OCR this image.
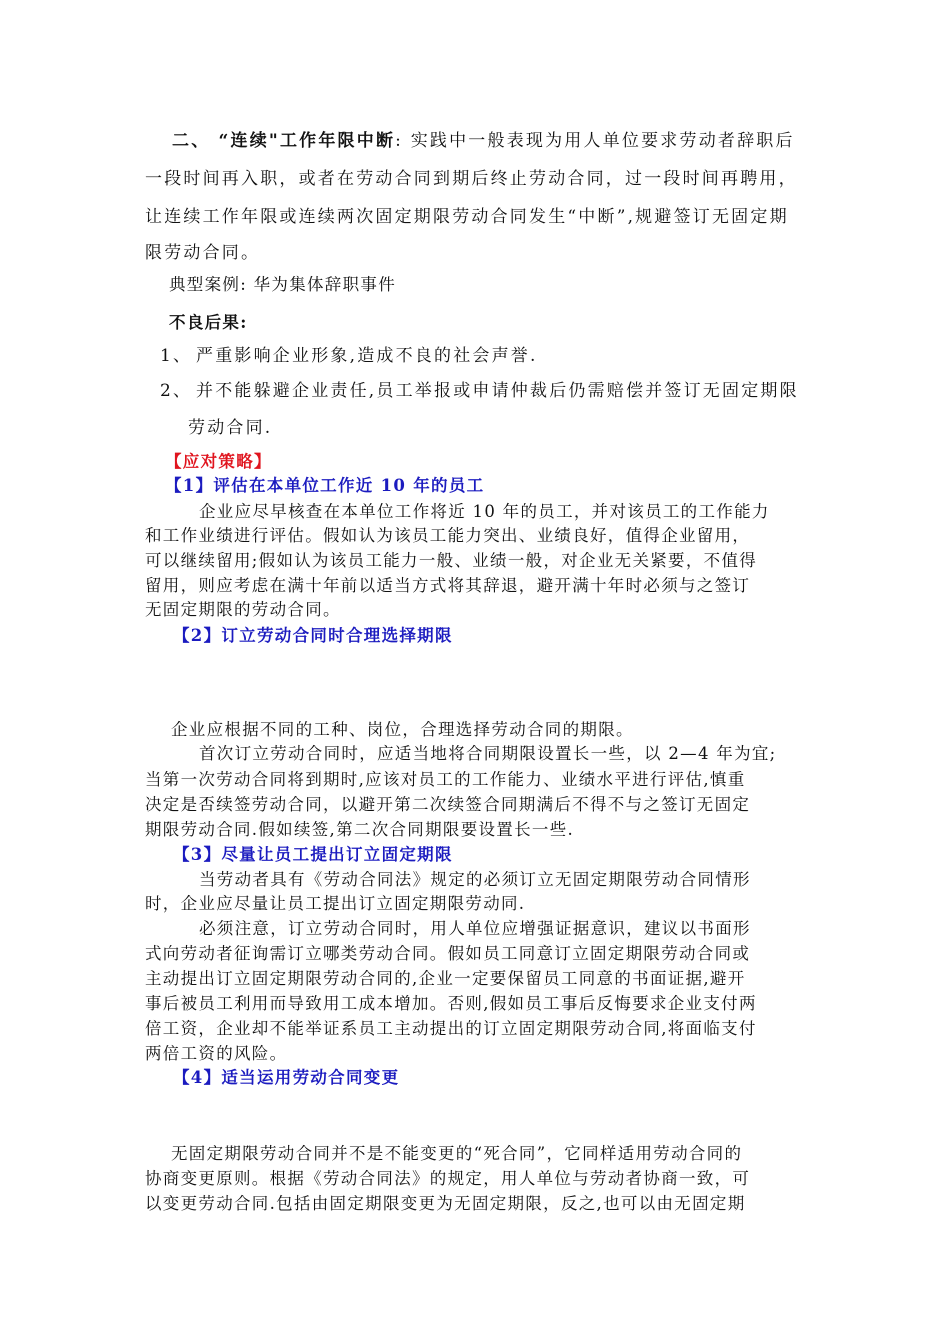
二、 “连续"工作年限中断: 实践中一般表现为用人单位要求劳动者辞职后
一段时间再入职，或者在劳动合同到期后终止劳动合同，过一段时间再聘用，
让连续工作年限或连续两次固定期限劳动合同发生“中断”,规避签订无固定期
限劳动合同。
典型案例: 华为集体辞职事件
不良后果:
1、 严重影响企业形象,造成不良的社会声誉.
2、 并不能躲避企业责任,员工举报或申请仲裁后仍需赔偿并签订无固定期限
劳动合同.
【应对策略】
【1】评估在本单位工作近 10 年的员工
企业应尽早核查在本单位工作将近 10 年的员工，并对该员工的工作能力
和工作业绩进行评估。假如认为该员工能力突出、业绩良好，值得企业留用，
可以继续留用;假如认为该员工能力一般、业绩一般，对企业无关紧要，不值得
留用，则应考虑在满十年前以适当方式将其辞退，避开满十年时必须与之签订
无固定期限的劳动合同。
【2】订立劳动合同时合理选择期限
企业应根据不同的工种、岗位，合理选择劳动合同的期限。
首次订立劳动合同时，应适当地将合同期限设置长一些，以 2—4 年为宜;
当第一次劳动合同将到期时,应该对员工的工作能力、业绩水平进行评估,慎重
决定是否续签劳动合同，以避开第二次续签合同期满后不得不与之签订无固定
期限劳动合同.假如续签,第二次合同期限要设置长一些.
【3】尽量让员工提出订立固定期限
当劳动者具有《劳动合同法》规定的必须订立无固定期限劳动合同情形
时，企业应尽量让员工提出订立固定期限劳动同.
必须注意，订立劳动合同时，用人单位应增强证据意识，建议以书面形
式向劳动者征询需订立哪类劳动合同。假如员工同意订立固定期限劳动合同或
主动提出订立固定期限劳动合同的,企业一定要保留员工同意的书面证据,避开
事后被员工利用而导致用工成本增加。否则,假如员工事后反悔要求企业支付两
倍工资，企业却不能举证系员工主动提出的订立固定期限劳动合同,将面临支付
两倍工资的风险。
【4】适当运用劳动合同变更
无固定期限劳动合同并不是不能变更的“死合同”，它同样适用劳动合同的
协商变更原则。根据《劳动合同法》的规定，用人单位与劳动者协商一致，可
以变更劳动合同.包括由固定期限变更为无固定期限，反之,也可以由无固定期
